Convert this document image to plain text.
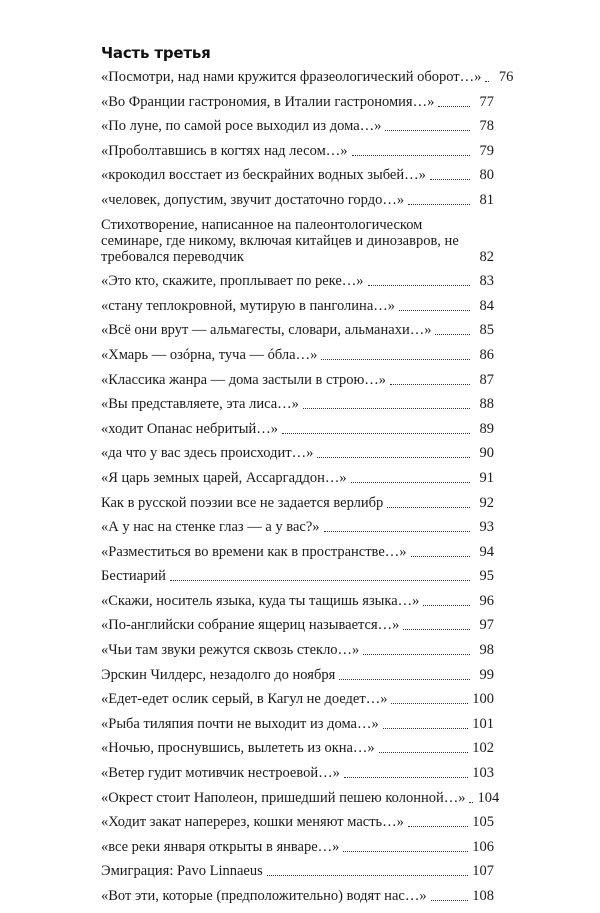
Часть третья
«Посмотри, над нами кружится фразеологический оборот…»	76
«Во Франции гастрономия, в Италии гастрономия…»	77
«По луне, по самой росе выходил из дома…»	78
«Проболтавшись в когтях над лесом…»	79
«крокодил восстает из бескрайних водных зыбей…»	80
«человек, допустим, звучит достаточно гордо…»	81
Стихотворение, написанное на палеонтологическом семинаре, где никому, включая китайцев и динозавров, не требовался переводчик	82
«Это кто, скажите, проплывает по реке…»	83
«стану теплокровной, мутирую в панголина…»	84
«Всё они врут — альмагесты, словари, альманахи…»	85
«Хмарь — озóрна, туча — óбла…»	86
«Классика жанра — дома застыли в строю…»	87
«Вы представляете, эта лиса…»	88
«ходит Опанас небритый…»	89
«да что у вас здесь происходит…»	90
«Я царь земных царей, Ассаргаддон…»	91
Как в русской поэзии все не задается верлибр	92
«А у нас на стенке глаз — а у вас?»	93
«Разместиться во времени как в пространстве…»	94
Бестиарий	95
«Скажи, носитель языка, куда ты тащишь языка…»	96
«По-английски собрание ящериц называется…»	97
«Чьи там звуки режутся сквозь стекло…»	98
Эрскин Чилдерс, незадолго до ноября	99
«Едет-едет ослик серый, в Кагул не доедет…»	100
«Рыба тиляпия почти не выходит из дома…»	101
«Ночью, проснувшись, вылететь из окна…»	102
«Ветер гудит мотивчик нестроевой…»	103
«Окрест стоит Наполеон, пришедший пешею колонной…» 104
«Ходит закат наперерез, кошки меняют масть…»	105
«все реки января открыты в январе…»	106
Эмиграция: Pavo Linnaeus	107
«Вот эти, которые (предположительно) водят нас…»	108
